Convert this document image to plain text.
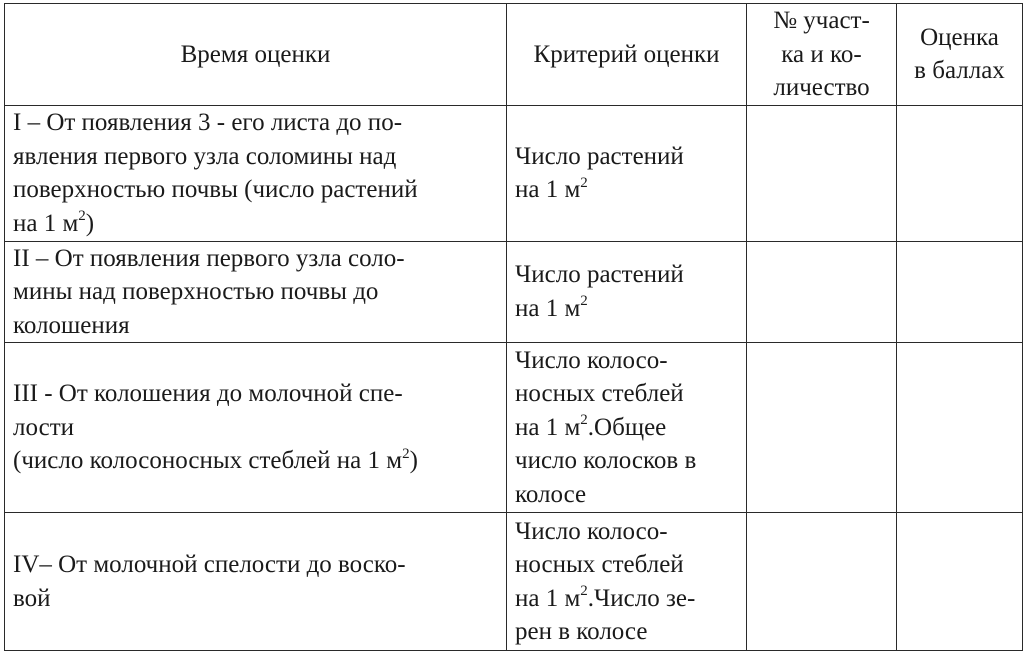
Время оценки	Критерий оценки	№ участ-
ка и ко-
личество	Оценка
в баллах

I – От появления 3 - его листа до по-
явления первого узла соломины над
поверхностью почвы (число растений
на 1 $м^2$)	Число растений
на 1 $м^2$

II – От появления первого узла соло-
мины над поверхностью почвы до
колошения	Число растений
на 1 $м^2$

III - От колошения до молочной спе-
лости
(число колосоносных стеблей на 1 $м^2$)	Число колосо-
носных стеблей
на 1 $м^2.Общее$
число колосков в
колосе		

IV– От молочной спелости до воско-
вой	Число колосо-
носных стеблей
на 1 $м^2.Число$ зе-
рен в колосе		
